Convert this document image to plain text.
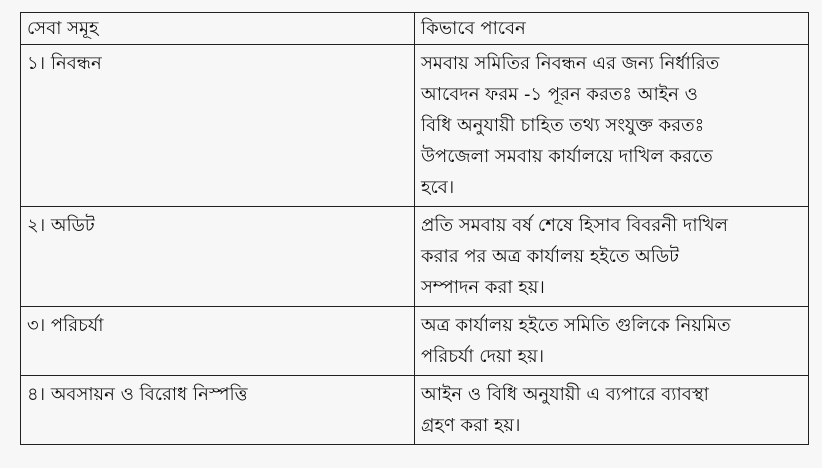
সেবা সমূহ	কিভাবে পাবেন
১। নিবন্ধন	সমবায় সমিতির নিবন্ধন এর জন্য নির্ধারিত
আবেদন ফরম -১ পূরন করতঃ আইন ও
বিধি অনুযায়ী চাহিত তথ্য সংযুক্ত করতঃ
উপজেলা সমবায় কার্যালয়ে দাখিল করতে
হবে।

২। অডিট	প্রতি সমবায় বর্ষ শেষে হিসাব বিবরনী দাখিল
করার পর অত্র কার্যালয় হইতে অডিট
সম্পাদন করা হয়।

৩। পরিচর্যা	অত্র কার্যালয় হইতে সমিতি গুলিকে নিয়মিত
পরিচর্যা দেয়া হয়।

৪। অবসায়ন ও বিরোধ নিস্পত্তি	আইন ও বিধি অনুযায়ী এ ব্যপারে ব্যাবস্থা
গ্রহণ করা হয়।
